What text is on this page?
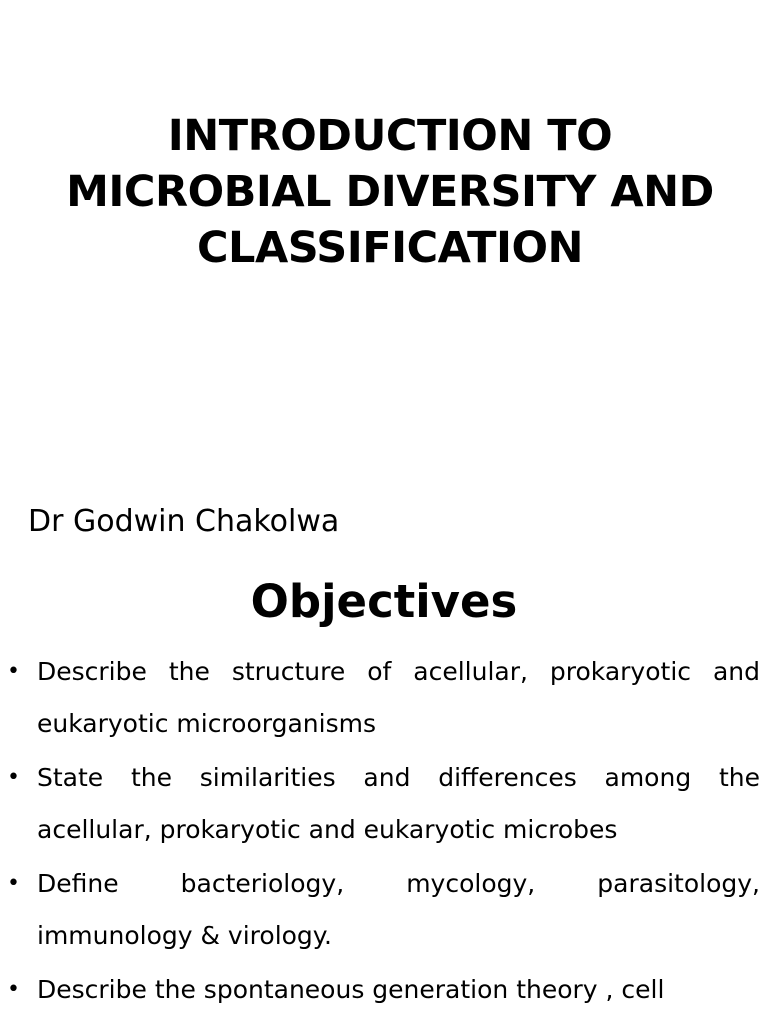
INTRODUCTION TO
MICROBIAL DIVERSITY AND
CLASSIFICATION
Dr Godwin Chakolwa
Objectives
• Describe the structure of acellular, prokaryotic and eukaryotic microorganisms
• State the similarities and differences among the acellular, prokaryotic and eukaryotic microbes
• Define bacteriology, mycology, parasitology, immunology & virology.
• Describe the spontaneous generation theory , cell
